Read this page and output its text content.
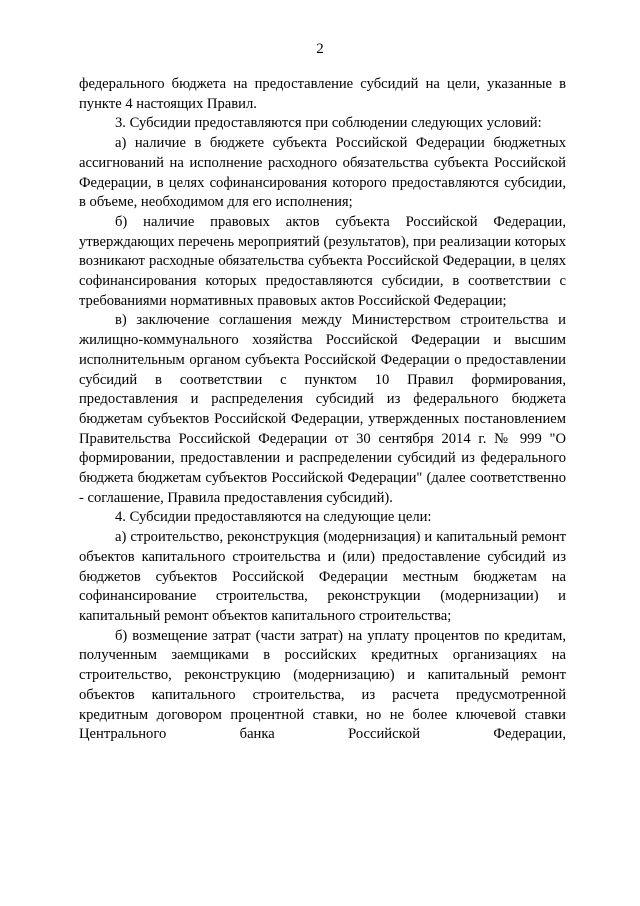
2

федерального бюджета на предоставление субсидий на цели, указанные в пункте 4 настоящих Правил.

3. Субсидии предоставляются при соблюдении следующих условий:

а) наличие в бюджете субъекта Российской Федерации бюджетных ассигнований на исполнение расходного обязательства субъекта Российской Федерации, в целях софинансирования которого предоставляются субсидии, в объеме, необходимом для его исполнения;

б) наличие правовых актов субъекта Российской Федерации, утверждающих перечень мероприятий (результатов), при реализации которых возникают расходные обязательства субъекта Российской Федерации, в целях софинансирования которых предоставляются субсидии, в соответствии с требованиями нормативных правовых актов Российской Федерации;

в) заключение соглашения между Министерством строительства и жилищно-коммунального хозяйства Российской Федерации и высшим исполнительным органом субъекта Российской Федерации о предоставлении субсидий в соответствии с пунктом 10 Правил формирования, предоставления и распределения субсидий из федерального бюджета бюджетам субъектов Российской Федерации, утвержденных постановлением Правительства Российской Федерации от 30 сентября 2014 г. № 999 "О формировании, предоставлении и распределении субсидий из федерального бюджета бюджетам субъектов Российской Федерации" (далее соответственно - соглашение, Правила предоставления субсидий).

4. Субсидии предоставляются на следующие цели:

а) строительство, реконструкция (модернизация) и капитальный ремонт объектов капитального строительства и (или) предоставление субсидий из бюджетов субъектов Российской Федерации местным бюджетам на софинансирование строительства, реконструкции (модернизации) и капитальный ремонт объектов капитального строительства;

б) возмещение затрат (части затрат) на уплату процентов по кредитам, полученным заемщиками в российских кредитных организациях на строительство, реконструкцию (модернизацию) и капитальный ремонт объектов капитального строительства, из расчета предусмотренной кредитным договором процентной ставки, но не более ключевой ставки Центрального банка Российской Федерации,
